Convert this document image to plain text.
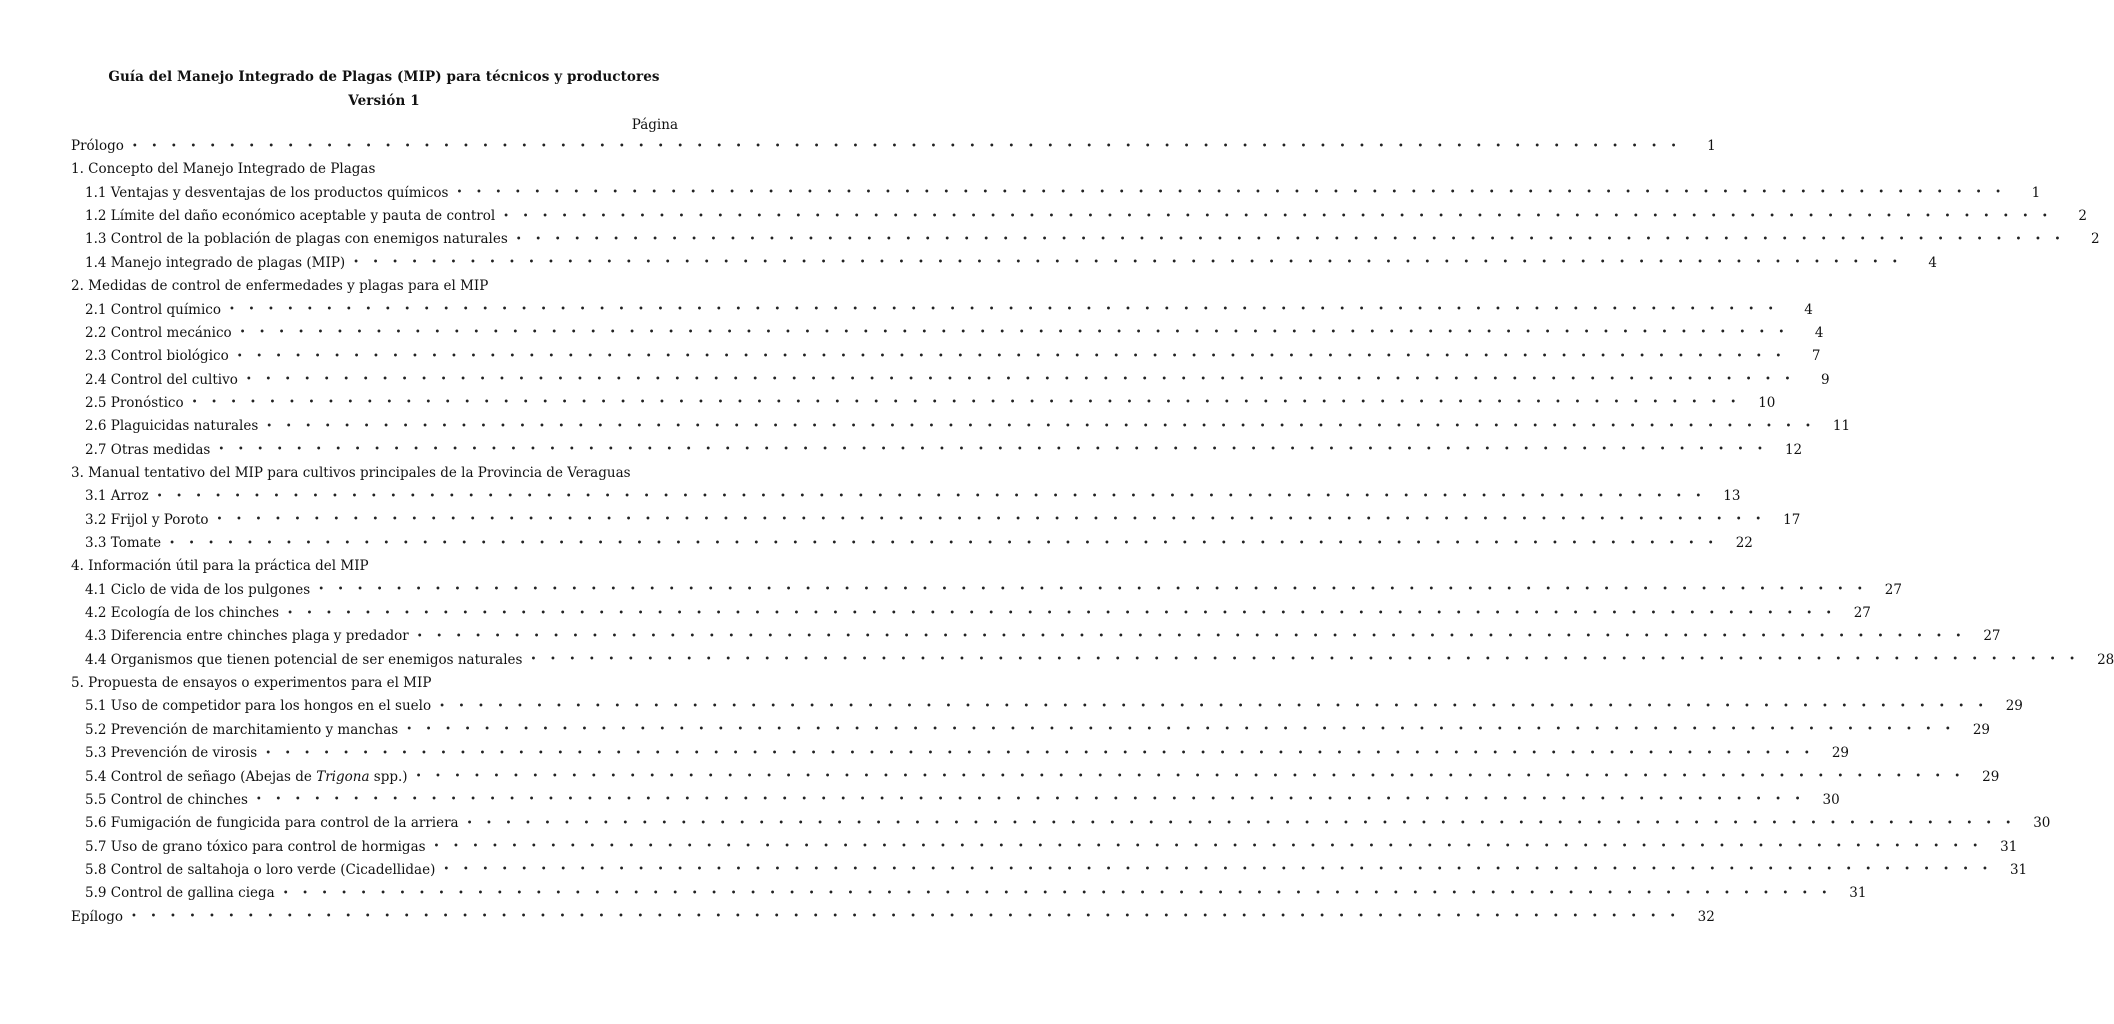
Guía del Manejo Integrado de Plagas (MIP) para técnicos y productores
Versión 1
Página
Prólogo • • • • • • • • • • • • • • • • • • • • • • • • • • • • • • • • • • • • • • • • • • • • • • • • • • • • • • • • • • • • • • • • • • • • • • • • • • • • • • • •	1
1. Concepto del Manejo Integrado de Plagas
1.1 Ventajas y desventajas de los productos químicos • • • • • • • • • • • • • • • • • • • • • • • • • • • • • • • • • • • • • • • • • • • • • • • • • • • • • • • • • • • • • • • • • • • • • • • • • • • • • • • •	1
1.2 Límite del daño económico aceptable y pauta de control • • • • • • • • • • • • • • • • • • • • • • • • • • • • • • • • • • • • • • • • • • • • • • • • • • • • • • • • • • • • • • • • • • • • • • • • • • • • • • • •	2
1.3 Control de la población de plagas con enemigos naturales • • • • • • • • • • • • • • • • • • • • • • • • • • • • • • • • • • • • • • • • • • • • • • • • • • • • • • • • • • • • • • • • • • • • • • • • • • • • • • • •	2
1.4 Manejo integrado de plagas (MIP) • • • • • • • • • • • • • • • • • • • • • • • • • • • • • • • • • • • • • • • • • • • • • • • • • • • • • • • • • • • • • • • • • • • • • • • • • • • • • • • •	4
2. Medidas de control de enfermedades y plagas para el MIP
2.1 Control químico • • • • • • • • • • • • • • • • • • • • • • • • • • • • • • • • • • • • • • • • • • • • • • • • • • • • • • • • • • • • • • • • • • • • • • • • • • • • • • • •	4
2.2 Control mecánico • • • • • • • • • • • • • • • • • • • • • • • • • • • • • • • • • • • • • • • • • • • • • • • • • • • • • • • • • • • • • • • • • • • • • • • • • • • • • • • •	4
2.3 Control biológico • • • • • • • • • • • • • • • • • • • • • • • • • • • • • • • • • • • • • • • • • • • • • • • • • • • • • • • • • • • • • • • • • • • • • • • • • • • • • • • •	7
2.4 Control del cultivo • • • • • • • • • • • • • • • • • • • • • • • • • • • • • • • • • • • • • • • • • • • • • • • • • • • • • • • • • • • • • • • • • • • • • • • • • • • • • • • •	9
2.5 Pronóstico • • • • • • • • • • • • • • • • • • • • • • • • • • • • • • • • • • • • • • • • • • • • • • • • • • • • • • • • • • • • • • • • • • • • • • • • • • • • • • • •	10
2.6 Plaguicidas naturales • • • • • • • • • • • • • • • • • • • • • • • • • • • • • • • • • • • • • • • • • • • • • • • • • • • • • • • • • • • • • • • • • • • • • • • • • • • • • • • •	11
2.7 Otras medidas • • • • • • • • • • • • • • • • • • • • • • • • • • • • • • • • • • • • • • • • • • • • • • • • • • • • • • • • • • • • • • • • • • • • • • • • • • • • • • • •	12
3. Manual tentativo del MIP para cultivos principales de la Provincia de Veraguas
3.1 Arroz • • • • • • • • • • • • • • • • • • • • • • • • • • • • • • • • • • • • • • • • • • • • • • • • • • • • • • • • • • • • • • • • • • • • • • • • • • • • • • • •	13
3.2 Frijol y Poroto • • • • • • • • • • • • • • • • • • • • • • • • • • • • • • • • • • • • • • • • • • • • • • • • • • • • • • • • • • • • • • • • • • • • • • • • • • • • • • • •	17
3.3 Tomate • • • • • • • • • • • • • • • • • • • • • • • • • • • • • • • • • • • • • • • • • • • • • • • • • • • • • • • • • • • • • • • • • • • • • • • • • • • • • • • •	22
4. Información útil para la práctica del MIP
4.1 Ciclo de vida de los pulgones • • • • • • • • • • • • • • • • • • • • • • • • • • • • • • • • • • • • • • • • • • • • • • • • • • • • • • • • • • • • • • • • • • • • • • • • • • • • • • • •	27
4.2 Ecología de los chinches • • • • • • • • • • • • • • • • • • • • • • • • • • • • • • • • • • • • • • • • • • • • • • • • • • • • • • • • • • • • • • • • • • • • • • • • • • • • • • • •	27
4.3 Diferencia entre chinches plaga y predador • • • • • • • • • • • • • • • • • • • • • • • • • • • • • • • • • • • • • • • • • • • • • • • • • • • • • • • • • • • • • • • • • • • • • • • • • • • • • • • •	27
4.4 Organismos que tienen potencial de ser enemigos naturales • • • • • • • • • • • • • • • • • • • • • • • • • • • • • • • • • • • • • • • • • • • • • • • • • • • • • • • • • • • • • • • • • • • • • • • • • • • • • • • •	28
5. Propuesta de ensayos o experimentos para el MIP
5.1 Uso de competidor para los hongos en el suelo • • • • • • • • • • • • • • • • • • • • • • • • • • • • • • • • • • • • • • • • • • • • • • • • • • • • • • • • • • • • • • • • • • • • • • • • • • • • • • • •	29
5.2 Prevención de marchitamiento y manchas • • • • • • • • • • • • • • • • • • • • • • • • • • • • • • • • • • • • • • • • • • • • • • • • • • • • • • • • • • • • • • • • • • • • • • • • • • • • • • • •	29
5.3 Prevención de virosis • • • • • • • • • • • • • • • • • • • • • • • • • • • • • • • • • • • • • • • • • • • • • • • • • • • • • • • • • • • • • • • • • • • • • • • • • • • • • • • •	29
5.4 Control de señago (Abejas de Trigona spp.) • • • • • • • • • • • • • • • • • • • • • • • • • • • • • • • • • • • • • • • • • • • • • • • • • • • • • • • • • • • • • • • • • • • • • • • • • • • • • • • •	29
5.5 Control de chinches • • • • • • • • • • • • • • • • • • • • • • • • • • • • • • • • • • • • • • • • • • • • • • • • • • • • • • • • • • • • • • • • • • • • • • • • • • • • • • • •	30
5.6 Fumigación de fungicida para control de la arriera • • • • • • • • • • • • • • • • • • • • • • • • • • • • • • • • • • • • • • • • • • • • • • • • • • • • • • • • • • • • • • • • • • • • • • • • • • • • • • • •	30
5.7 Uso de grano tóxico para control de hormigas • • • • • • • • • • • • • • • • • • • • • • • • • • • • • • • • • • • • • • • • • • • • • • • • • • • • • • • • • • • • • • • • • • • • • • • • • • • • • • • •	31
5.8 Control de saltahoja o loro verde (Cicadellidae) • • • • • • • • • • • • • • • • • • • • • • • • • • • • • • • • • • • • • • • • • • • • • • • • • • • • • • • • • • • • • • • • • • • • • • • • • • • • • • • •	31
5.9 Control de gallina ciega • • • • • • • • • • • • • • • • • • • • • • • • • • • • • • • • • • • • • • • • • • • • • • • • • • • • • • • • • • • • • • • • • • • • • • • • • • • • • • • •	31
Epílogo • • • • • • • • • • • • • • • • • • • • • • • • • • • • • • • • • • • • • • • • • • • • • • • • • • • • • • • • • • • • • • • • • • • • • • • • • • • • • • • •	32
